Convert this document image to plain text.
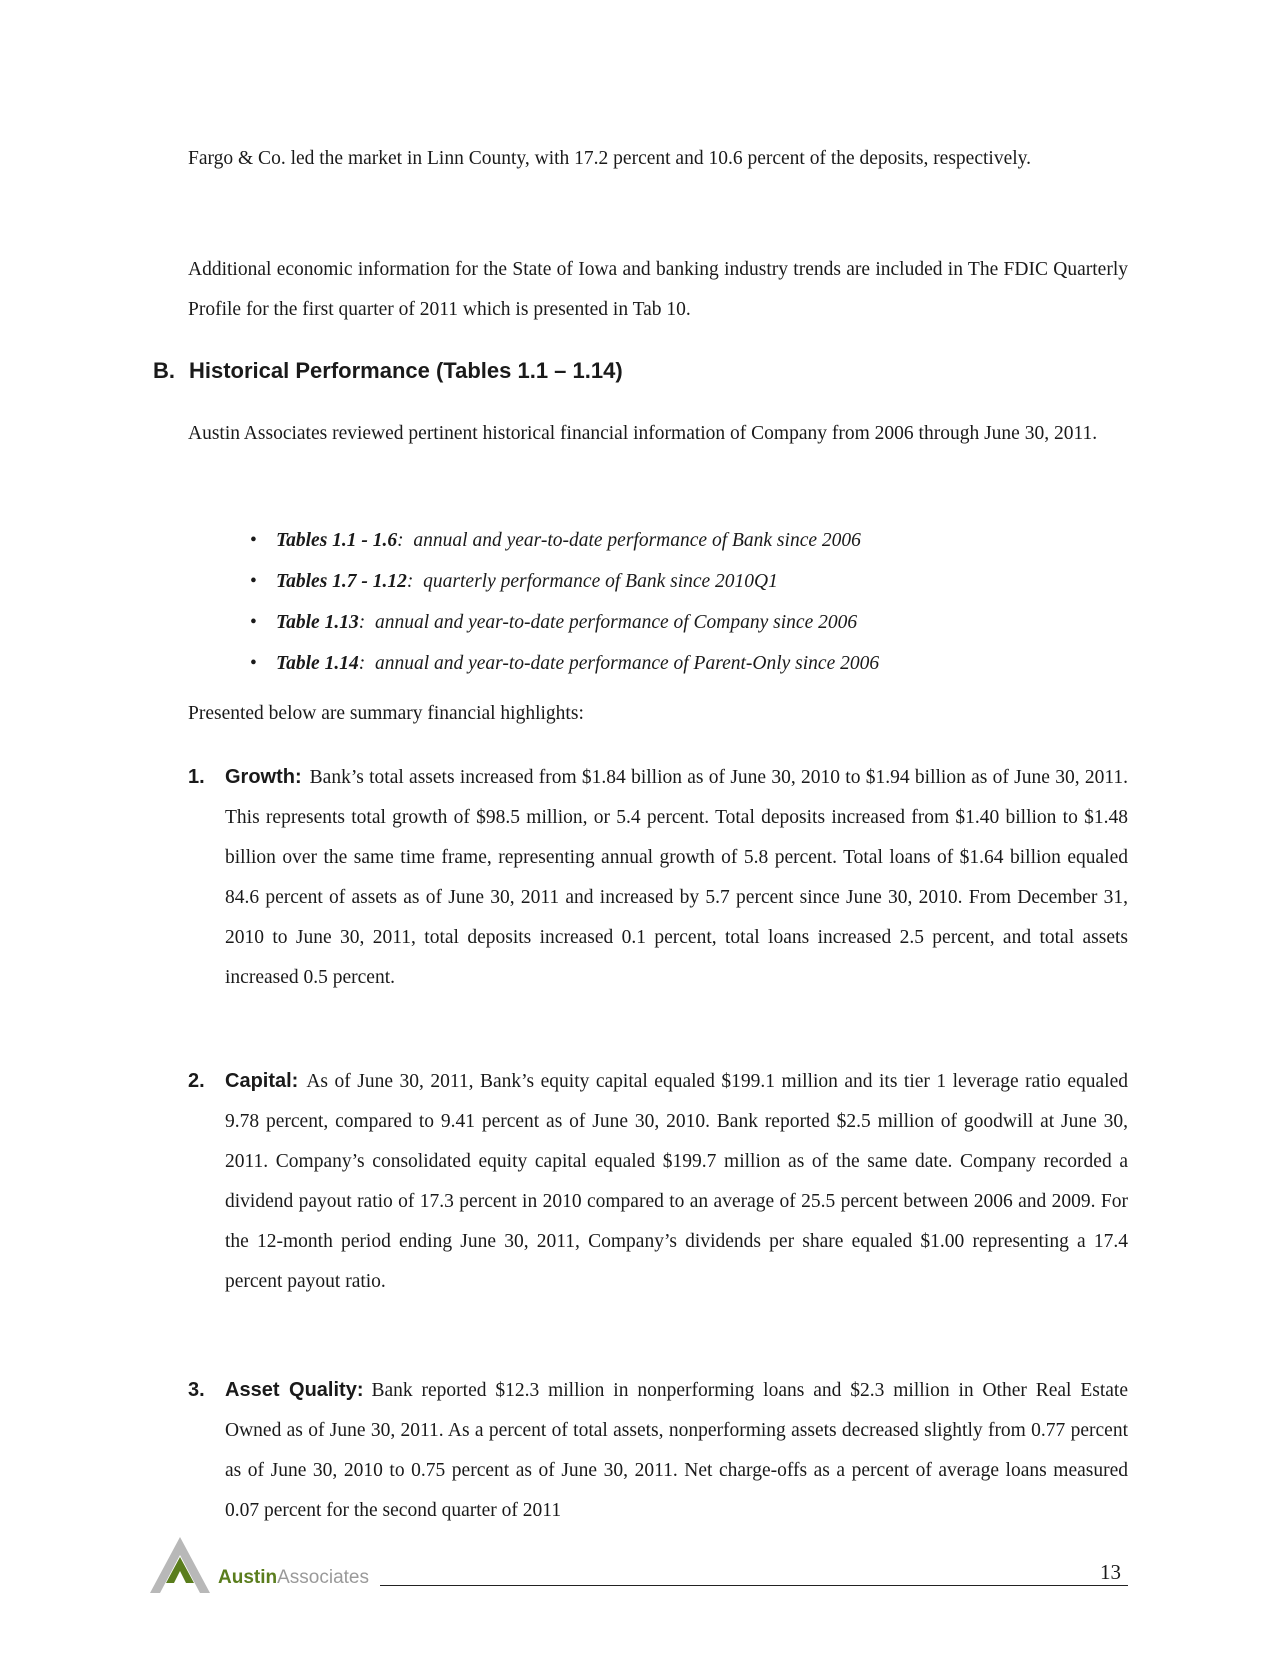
Fargo & Co. led the market in Linn County, with 17.2 percent and 10.6 percent of the deposits, respectively.

Additional economic information for the State of Iowa and banking industry trends are included in The FDIC Quarterly Profile for the first quarter of 2011 which is presented in Tab 10.

B. Historical Performance (Tables 1.1 – 1.14)

Austin Associates reviewed pertinent historical financial information of Company from 2006 through June 30, 2011.

• Tables 1.1 - 1.6:  annual and year-to-date performance of Bank since 2006
• Tables 1.7 - 1.12:  quarterly performance of Bank since 2010Q1
• Table 1.13:  annual and year-to-date performance of Company since 2006
• Table 1.14:  annual and year-to-date performance of Parent-Only since 2006

Presented below are summary financial highlights:

1. Growth: Bank’s total assets increased from $1.84 billion as of June 30, 2010 to $1.94 billion as of June 30, 2011. This represents total growth of $98.5 million, or 5.4 percent. Total deposits increased from $1.40 billion to $1.48 billion over the same time frame, representing annual growth of 5.8 percent. Total loans of $1.64 billion equaled 84.6 percent of assets as of June 30, 2011 and increased by 5.7 percent since June 30, 2010. From December 31, 2010 to June 30, 2011, total deposits increased 0.1 percent, total loans increased 2.5 percent, and total assets increased 0.5 percent.
2. Capital: As of June 30, 2011, Bank’s equity capital equaled $199.1 million and its tier 1 leverage ratio equaled 9.78 percent, compared to 9.41 percent as of June 30, 2010. Bank reported $2.5 million of goodwill at June 30, 2011. Company’s consolidated equity capital equaled $199.7 million as of the same date. Company recorded a dividend payout ratio of 17.3 percent in 2010 compared to an average of 25.5 percent between 2006 and 2009. For the 12-month period ending June 30, 2011, Company’s dividends per share equaled $1.00 representing a 17.4 percent payout ratio.
3. Asset Quality: Bank reported $12.3 million in nonperforming loans and $2.3 million in Other Real Estate Owned as of June 30, 2011. As a percent of total assets, nonperforming assets decreased slightly from 0.77 percent as of June 30, 2010 to 0.75 percent as of June 30, 2011. Net charge-offs as a percent of average loans measured 0.07 percent for the second quarter of 2011
AustinAssociates	13
